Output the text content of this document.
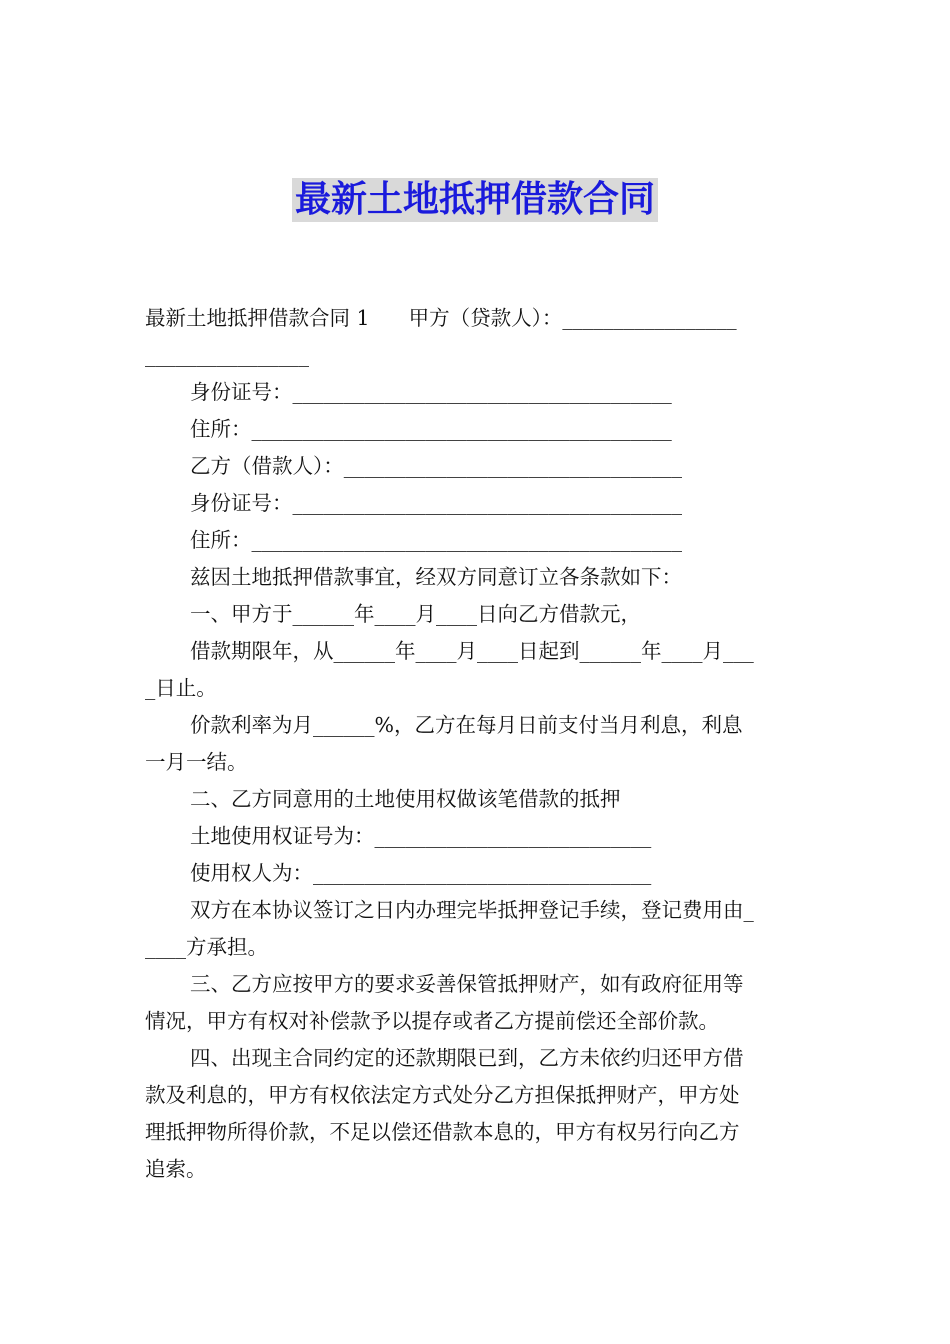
最新土地抵押借款合同
最新土地抵押借款合同 1      甲方（贷款人）：_________________
________________
身份证号：_____________________________________
住所：_________________________________________
乙方（借款人）：_________________________________
身份证号：______________________________________
住所：__________________________________________
兹因土地抵押借款事宜，经双方同意订立各条款如下：
一、甲方于______年____月____日向乙方借款元，
借款期限年，从______年____月____日起到______年____月___
_日止。
价款利率为月______%，乙方在每月日前支付当月利息，利息
一月一结。
二、乙方同意用的土地使用权做该笔借款的抵押
土地使用权证号为：___________________________
使用权人为：_________________________________
双方在本协议签订之日内办理完毕抵押登记手续，登记费用由_
____方承担。
三、乙方应按甲方的要求妥善保管抵押财产，如有政府征用等
情况，甲方有权对补偿款予以提存或者乙方提前偿还全部价款。
四、出现主合同约定的还款期限已到，乙方未依约归还甲方借
款及利息的，甲方有权依法定方式处分乙方担保抵押财产，甲方处
理抵押物所得价款，不足以偿还借款本息的，甲方有权另行向乙方
追索。
